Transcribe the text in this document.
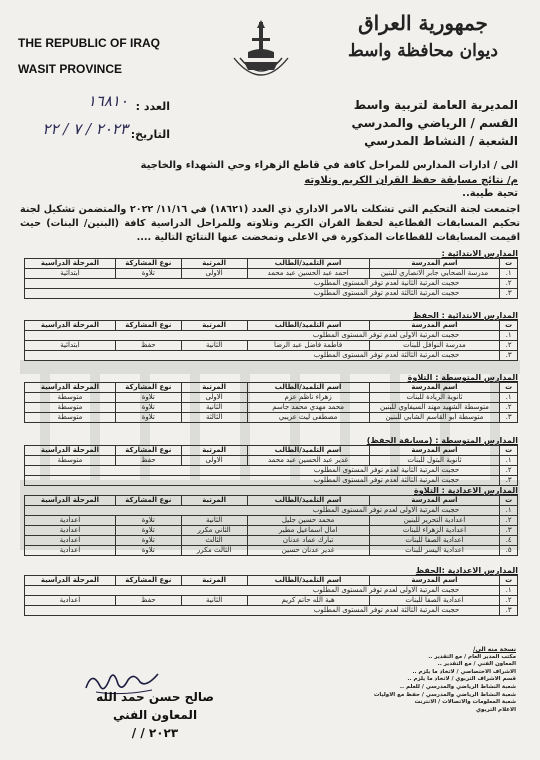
THE REPUBLIC OF IRAQ
WASIT PROVINCE
جمهورية العراق
ديوان محافظة واسط
العدد :
١٦٨١٠
التاريخ:
٢٠٢٣ / ٧ / ٢٢
المديرية العامة لتربية واسط
القسم / الرياضي والمدرسي
الشعبة / النشاط المدرسي
الى / ادارات المدارس للمراحل كافة في قاطع الزهراء وحي الشهداء والخاجية
م/ نتائج مسابقة حفظ القران الكريم وتلاوته
تحية طيبة..
اجتمعت لجنة التحكيم التي تشكلت بالامر الاداري ذي العدد (١٨٦٢١) في ١١/١٦/ ٢٠٢٢ والمتضمن تشكيل لجنة تحكيم المسابقات القطاعية لحفظ القران الكريم وتلاوته وللمراحل الدراسية كافة (البنين/ البنات) حيث اقيمت المسابقات للقطاعات المذكورة في الاعلى وتمخضت عنها النتائج التالية ....
المدارس الابتدائية :
ت	اسم المدرسة	اسم التلميذ/الطالب	المرتبة	نوع المشاركة	المرحلة الدراسية
١.	مدرسة الصحابي جابر الانصاري للبنين	احمد عبد الحسين عبد محمد	الاولى	تلاوة	ابتدائية
٢.	حجبت المرتبة الثانية لعدم توفر المستوى المطلوب				
٣.	حجبت المرتبة الثالثة لعدم توفر المستوى المطلوب				
المدارس الابتدائية : الحفظ
ت	اسم المدرسة	اسم التلميذ/الطالب	المرتبة	نوع المشاركة	المرحلة الدراسية
١.	حجبت المرتبة الاولى لعدم توفر المستوى المطلوب				
٢.	مدرسة النوافل للبنات	فاطمة فاضل عبد الرضا	الثانية	حفظ	ابتدائية
٣.	حجبت المرتبة الثالثة لعدم توفر المستوى المطلوب				
المدارس المتوسطة : التلاوة
ت	اسم المدرسة	اسم التلميذ/الطالب	المرتبة	نوع المشاركة	المرحلة الدراسية
١.	ثانوية الريادة للبنات	زهراء ناظم عزم	الاولى	تلاوة	متوسطة
٢.	متوسطة الشهيد مهند السيفاوي للبنين	محمد مهدي محمد جاسم	الثانية	تلاوة	متوسطة
٣.	متوسطة ابو القاسم الشابي للبنين	مصطفى ليث عريبي	الثالثة	تلاوة	متوسطة
المدارس المتوسطة : (مسابقة الحفظ)
ت	اسم المدرسة	اسم التلميذ/الطالب	المرتبة	نوع المشاركة	المرحلة الدراسية
١.	ثانوية البتول للبنات	غدير عبد الحسين عبد محمد	الاولى	حفظ	متوسطة
٢.	حجبت المرتبة الثانية لعدم توفر المستوى المطلوب				
٣.	حجبت المرتبة الثالثة لعدم توفر المستوى المطلوب				
المدارس الاعدادية : التلاوة
ت	اسم المدرسة	اسم التلميذ/الطالب	المرتبة	نوع المشاركة	المرحلة الدراسية
١.	حجبت المرتبة الاولى لعدم توفر المستوى المطلوب				
٢.	اعدادية التحرير للبنين	محمد حسين جليل	الثانية	تلاوة	اعدادية
٣.	اعدادية الزهراء للبنات	امال اسماعيل مطير	الثاني مكرر	تلاوة	اعدادية
٤.	اعدادية الصفا للبنات	تبارك عماد عدنان	الثالث	تلاوة	اعدادية
٥.	اعدادية اليسر للبنات	غدير عدنان حسين	الثالث مكرر	تلاوة	اعدادية
المدارس الاعدادية :الحفظ
ت	اسم المدرسة	اسم التلميذ/الطالب	المرتبة	نوع المشاركة	المرحلة الدراسية
١.	حجبت المرتبة الاولى لعدم توفر المستوى المطلوب				
٢.	اعدادية الصفا للبنات	هبة الله حاتم كريم	الثانية	حفظ	اعدادية
٣.	حجبت المرتبة الثالثة لعدم توفر المستوى المطلوب				
صالح حسن حمد الله
المعاون الفني
٢٠٢٣ / /
نسخة منه الى/
مكتب المدير العام / مع التقدير ..
المعاون الفني / مع التقدير ..
الاشراف الاختصاصي / لاتخاذ ما يلزم ..
قسم الاشراف التربوي / لاتخاذ ما يلزم ..
شعبة النشاط الرياضي والمدرسي / للعلم ..
شعبة النشاط الرياضي والمدرسي / حفظ مع الاوليات
شعبة المعلومات والاتصالات / الانترنت
الاعلام التربوي
